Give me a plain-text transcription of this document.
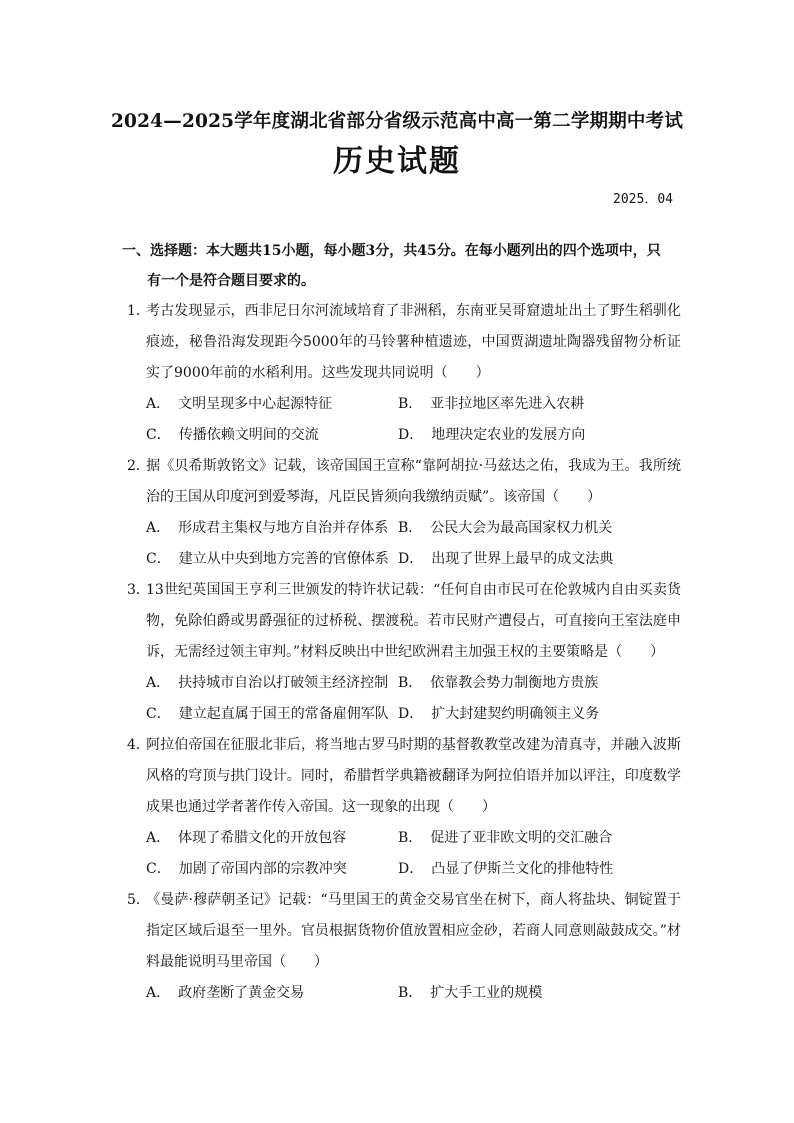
2024—2025学年度湖北省部分省级示范高中高一第二学期期中考试
历史试题
2025．04
一、选择题：本大题共15小题，每小题3分，共45分。在每小题列出的四个选项中，只
有一个是符合题目要求的。
1．考古发现显示，西非尼日尔河流域培育了非洲稻，东南亚吴哥窟遗址出土了野生稻驯化痕迹，秘鲁沿海发现距今5000年的马铃薯种植遗迹，中国贾湖遗址陶器残留物分析证实了9000年前的水稻利用。这些发现共同说明（　　）
A． 文明呈现多中心起源特征	B． 亚非拉地区率先进入农耕
C． 传播依赖文明间的交流	D． 地理决定农业的发展方向
2．据《贝希斯敦铭文》记载，该帝国国王宣称“靠阿胡拉·马兹达之佑，我成为王。我所统治的王国从印度河到爱琴海，凡臣民皆须向我缴纳贡赋”。该帝国（　　）
A． 形成君主集权与地方自治并存体系 B． 公民大会为最高国家权力机关
C． 建立从中央到地方完善的官僚体系 D． 出现了世界上最早的成文法典
3．13世纪英国国王亨利三世颁发的特许状记载：“任何自由市民可在伦敦城内自由买卖货物，免除伯爵或男爵强征的过桥税、摆渡税。若市民财产遭侵占，可直接向王室法庭申诉，无需经过领主审判。”材料反映出中世纪欧洲君主加强王权的主要策略是（　　）
A． 扶持城市自治以打破领主经济控制 B． 依靠教会势力制衡地方贵族
C． 建立起直属于国王的常备雇佣军队 D． 扩大封建契约明确领主义务
4．阿拉伯帝国在征服北非后，将当地古罗马时期的基督教教堂改建为清真寺，并融入波斯风格的穹顶与拱门设计。同时，希腊哲学典籍被翻译为阿拉伯语并加以评注，印度数学成果也通过学者著作传入帝国。这一现象的出现（　　）
A． 体现了希腊文化的开放包容	B． 促进了亚非欧文明的交汇融合
C． 加剧了帝国内部的宗教冲突	D． 凸显了伊斯兰文化的排他特性
5．《曼萨·穆萨朝圣记》记载：“马里国王的黄金交易官坐在树下，商人将盐块、铜锭置于指定区域后退至一里外。官员根据货物价值放置相应金砂，若商人同意则敲鼓成交。”材料最能说明马里帝国（　　）
A． 政府垄断了黄金交易	B． 扩大手工业的规模
